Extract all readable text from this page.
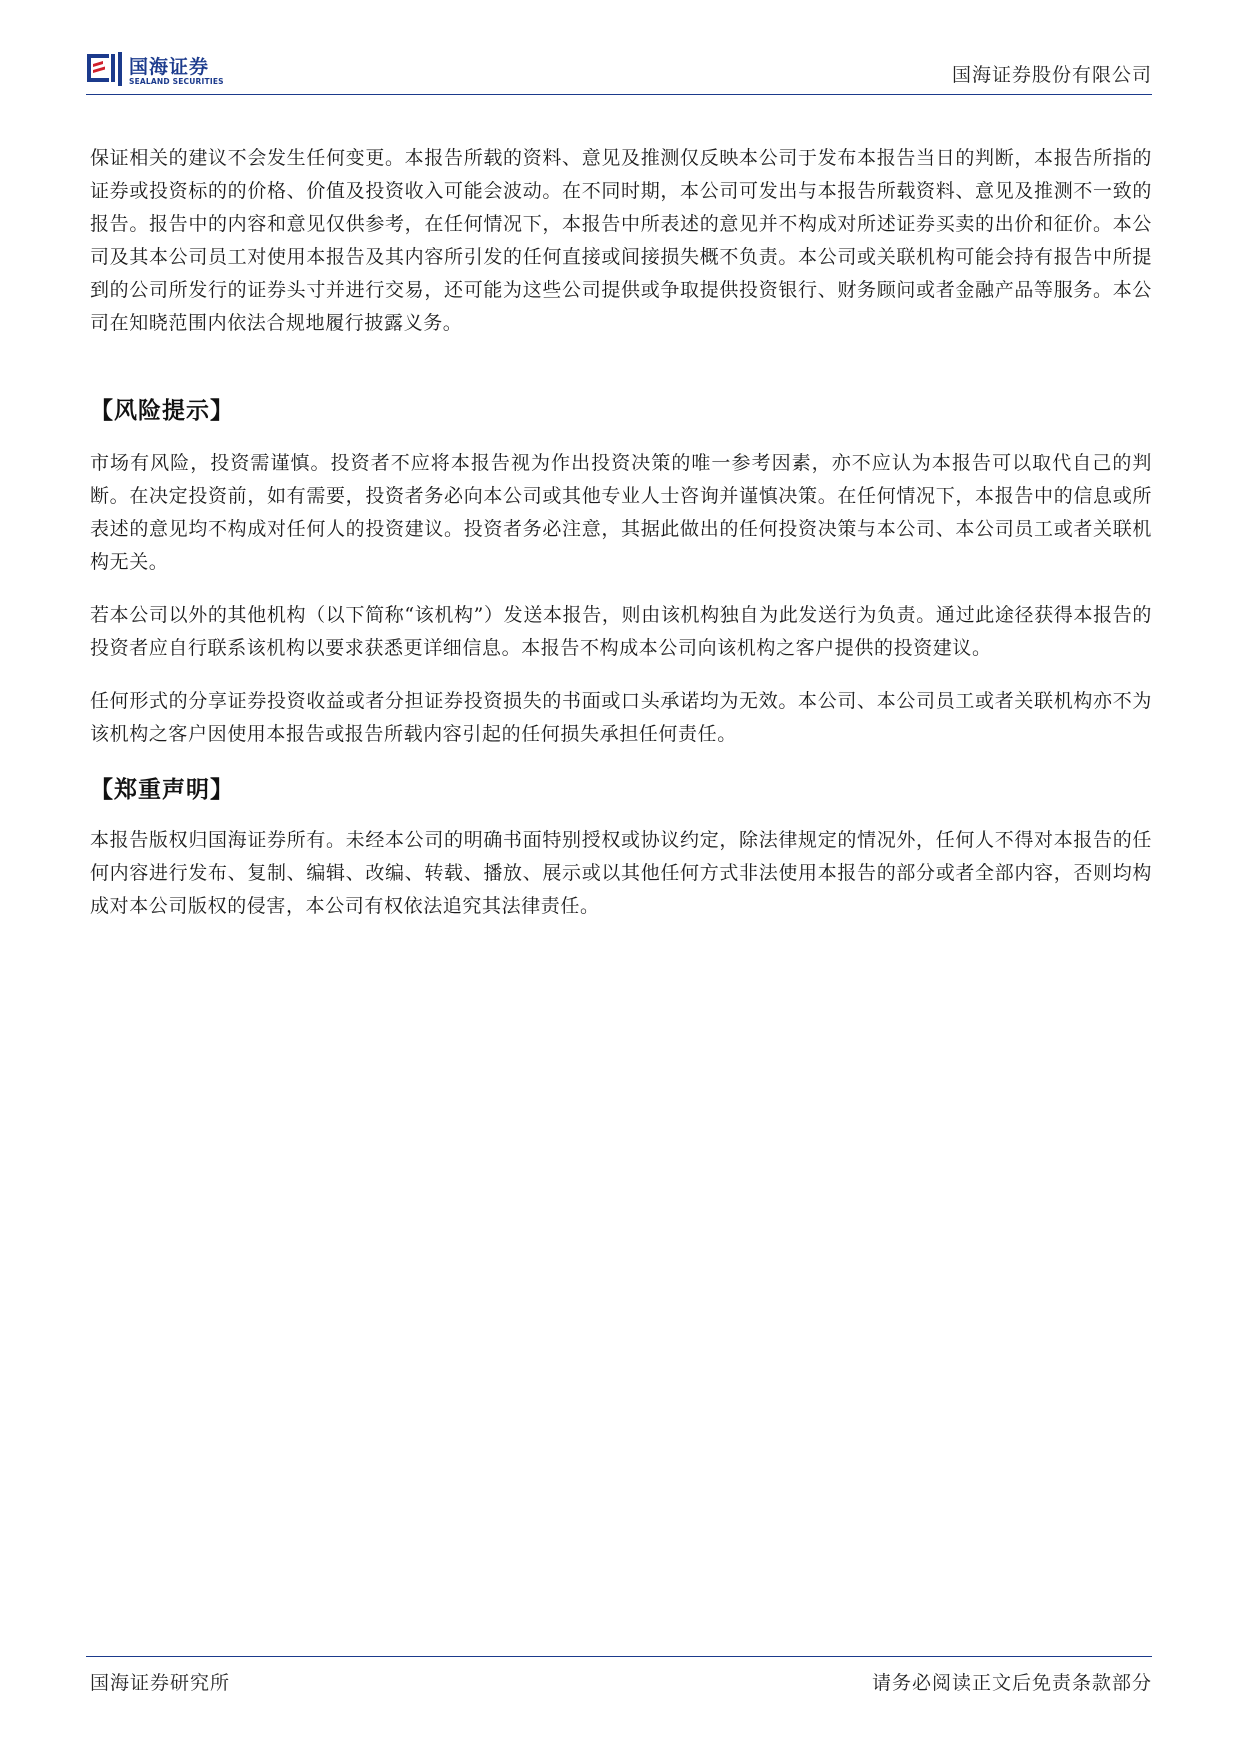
国海证券
SEALAND SECURITIES	国海证券股份有限公司

保证相关的建议不会发生任何变更。本报告所载的资料、意见及推测仅反映本公司于发布本报告当日的判断，本报告所指的证券或投资标的的价格、价值及投资收入可能会波动。在不同时期，本公司可发出与本报告所载资料、意见及推测不一致的报告。报告中的内容和意见仅供参考，在任何情况下，本报告中所表述的意见并不构成对所述证券买卖的出价和征价。本公司及其本公司员工对使用本报告及其内容所引发的任何直接或间接损失概不负责。本公司或关联机构可能会持有报告中所提到的公司所发行的证券头寸并进行交易，还可能为这些公司提供或争取提供投资银行、财务顾问或者金融产品等服务。本公司在知晓范围内依法合规地履行披露义务。

【风险提示】

市场有风险，投资需谨慎。投资者不应将本报告视为作出投资决策的唯一参考因素，亦不应认为本报告可以取代自己的判断。在决定投资前，如有需要，投资者务必向本公司或其他专业人士咨询并谨慎决策。在任何情况下，本报告中的信息或所表述的意见均不构成对任何人的投资建议。投资者务必注意，其据此做出的任何投资决策与本公司、本公司员工或者关联机构无关。

若本公司以外的其他机构（以下简称“该机构”）发送本报告，则由该机构独自为此发送行为负责。通过此途径获得本报告的投资者应自行联系该机构以要求获悉更详细信息。本报告不构成本公司向该机构之客户提供的投资建议。

任何形式的分享证券投资收益或者分担证券投资损失的书面或口头承诺均为无效。本公司、本公司员工或者关联机构亦不为该机构之客户因使用本报告或报告所载内容引起的任何损失承担任何责任。

【郑重声明】

本报告版权归国海证券所有。未经本公司的明确书面特别授权或协议约定，除法律规定的情况外，任何人不得对本报告的任何内容进行发布、复制、编辑、改编、转载、播放、展示或以其他任何方式非法使用本报告的部分或者全部内容，否则均构成对本公司版权的侵害，本公司有权依法追究其法律责任。

国海证券研究所	请务必阅读正文后免责条款部分
